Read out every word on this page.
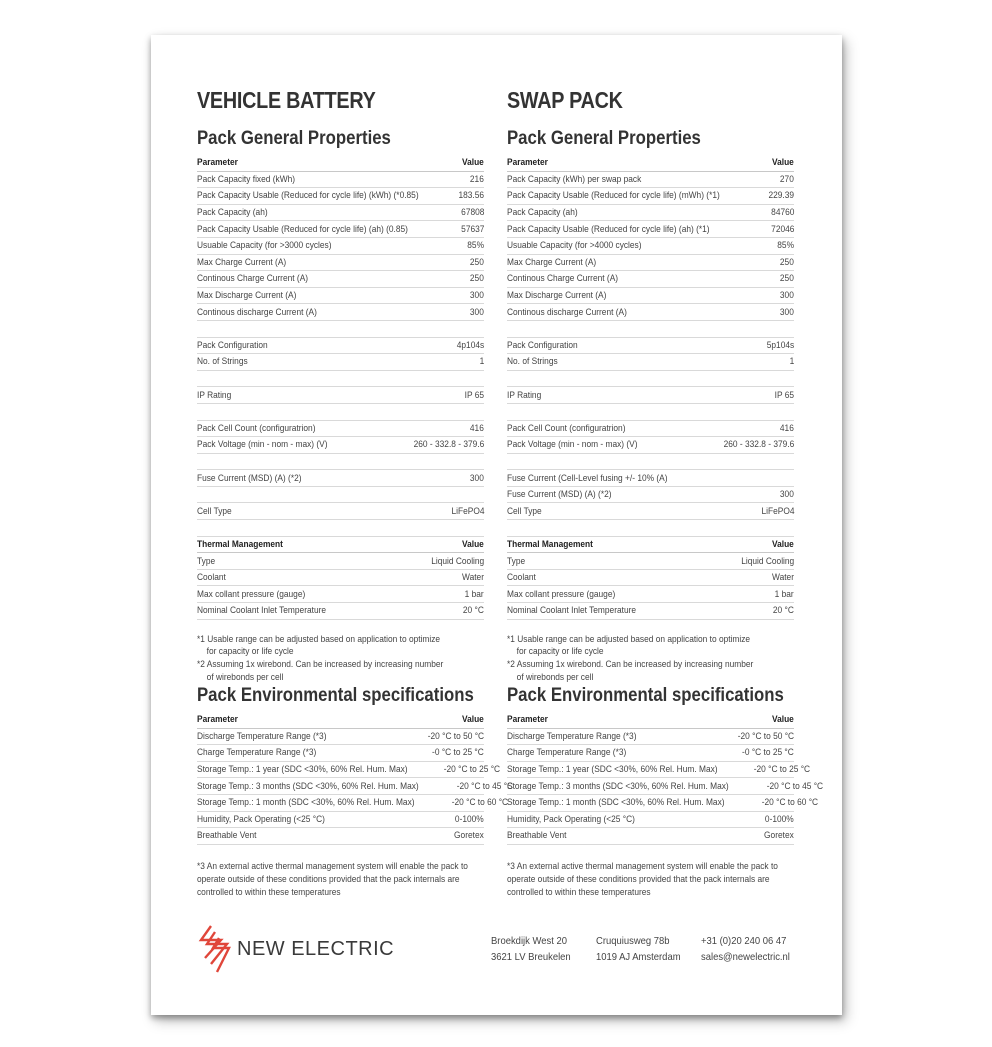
VEHICLE BATTERY
Pack General Properties
Parameter	Value
Pack Capacity fixed (kWh)	216
Pack Capacity Usable (Reduced for cycle life) (kWh) (*0.85)	183.56
Pack Capacity (ah)	67808
Pack Capacity Usable (Reduced for cycle life) (ah) (0.85)	57637
Usuable Capacity (for >3000 cycles)	85%
Max Charge Current (A)	250
Continous Charge Current (A)	250
Max Discharge Current (A)	300
Continous discharge Current (A)	300
Pack Configuration	4p104s
No. of Strings	1
IP Rating	IP 65
Pack Cell Count (configuratrion)	416
Pack Voltage (min - nom - max) (V)	260 - 332.8 - 379.6
Fuse Current (MSD) (A) (*2)	300
Cell Type	LiFePO4
Thermal Management	Value
Type	Liquid Cooling
Coolant	Water
Max collant pressure (gauge)	1 bar
Nominal Coolant Inlet Temperature	20 °C
*1 Usable range can be adjusted based on application to optimize
for capacity or life cycle
*2 Assuming 1x wirebond. Can be increased by increasing number
of wirebonds per cell
Pack Environmental specifications
Parameter	Value
Discharge Temperature Range (*3)	-20 °C to 50 °C
Charge Temperature Range (*3)	-0 °C to 25 °C
Storage Temp.: 1 year (SDC <30%, 60% Rel. Hum. Max)	-20 °C to 25 °C
Storage Temp.: 3 months (SDC <30%, 60% Rel. Hum. Max)	-20 °C to 45 °C
Storage Temp.: 1 month (SDC <30%, 60% Rel. Hum. Max)	-20 °C to 60 °C
Humidity, Pack Operating (<25 °C)	0-100%
Breathable Vent	Goretex
*3 An external active thermal management system will enable the pack to operate outside of these conditions provided that the pack internals are controlled to within these temperatures
SWAP PACK
Pack General Properties
Parameter	Value
Pack Capacity (kWh) per swap pack	270
Pack Capacity Usable (Reduced for cycle life) (mWh) (*1)	229.39
Pack Capacity (ah)	84760
Pack Capacity Usable (Reduced for cycle life) (ah) (*1)	72046
Usuable Capacity (for >4000 cycles)	85%
Max Charge Current (A)	250
Continous Charge Current (A)	250
Max Discharge Current (A)	300
Continous discharge Current (A)	300
Pack Configuration	5p104s
No. of Strings	1
IP Rating	IP 65
Pack Cell Count (configuratrion)	416
Pack Voltage (min - nom - max) (V)	260 - 332.8 - 379.6
Fuse Current (Cell-Level fusing +/- 10% (A)
Fuse Current (MSD) (A) (*2)	300
Cell Type	LiFePO4
Thermal Management	Value
Type	Liquid Cooling
Coolant	Water
Max collant pressure (gauge)	1 bar
Nominal Coolant Inlet Temperature	20 °C
*1 Usable range can be adjusted based on application to optimize
for capacity or life cycle
*2 Assuming 1x wirebond. Can be increased by increasing number
of wirebonds per cell
Pack Environmental specifications
Parameter	Value
Discharge Temperature Range (*3)	-20 °C to 50 °C
Charge Temperature Range (*3)	-0 °C to 25 °C
Storage Temp.: 1 year (SDC <30%, 60% Rel. Hum. Max)	-20 °C to 25 °C
Storage Temp.: 3 months (SDC <30%, 60% Rel. Hum. Max)	-20 °C to 45 °C
Storage Temp.: 1 month (SDC <30%, 60% Rel. Hum. Max)	-20 °C to 60 °C
Humidity, Pack Operating (<25 °C)	0-100%
Breathable Vent	Goretex
*3 An external active thermal management system will enable the pack to operate outside of these conditions provided that the pack internals are controlled to within these temperatures
NEW ELECTRIC	Broekdijk West 20
3621 LV Breukelen
Cruquiusweg 78b
1019 AJ Amsterdam
+31 (0)20 240 06 47
sales@newelectric.nl
